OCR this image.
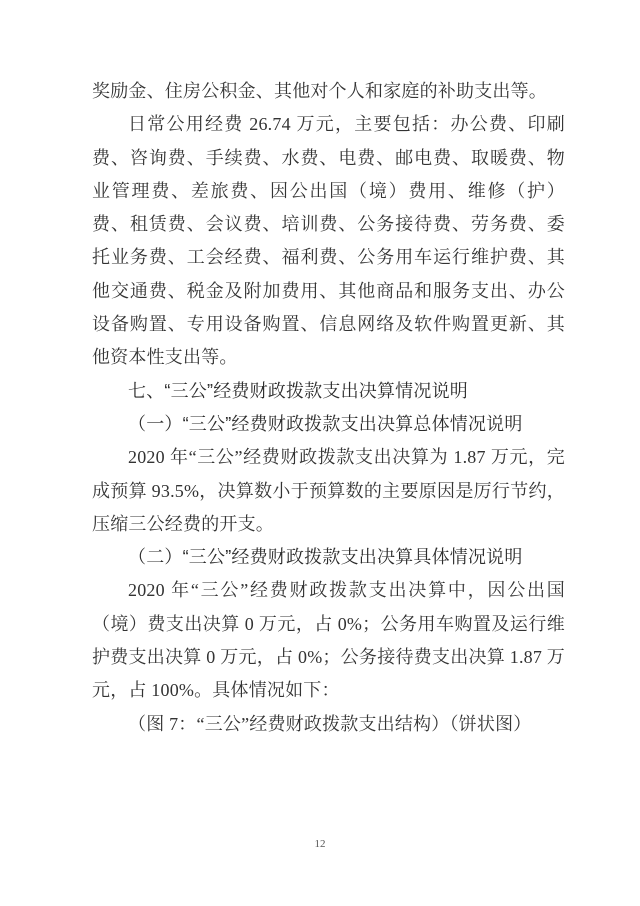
奖励金、住房公积金、其他对个人和家庭的补助支出等。

日常公用经费 26.74 万元，主要包括：办公费、印刷费、咨询费、手续费、水费、电费、邮电费、取暖费、物业管理费、差旅费、因公出国（境）费用、维修（护）费、租赁费、会议费、培训费、公务接待费、劳务费、委托业务费、工会经费、福利费、公务用车运行维护费、其他交通费、税金及附加费用、其他商品和服务支出、办公设备购置、专用设备购置、信息网络及软件购置更新、其他资本性支出等。

七、“三公”经费财政拨款支出决算情况说明
（一）“三公”经费财政拨款支出决算总体情况说明

2020 年“三公”经费财政拨款支出决算为 1.87 万元，完成预算 93.5%，决算数小于预算数的主要原因是厉行节约，压缩三公经费的开支。

（二）“三公”经费财政拨款支出决算具体情况说明

2020 年“三公”经费财政拨款支出决算中，因公出国（境）费支出决算 0 万元，占 0%；公务用车购置及运行维护费支出决算 0 万元，占 0%；公务接待费支出决算 1.87 万元，占 100%。具体情况如下：

（图 7：“三公”经费财政拨款支出结构）（饼状图）

12
